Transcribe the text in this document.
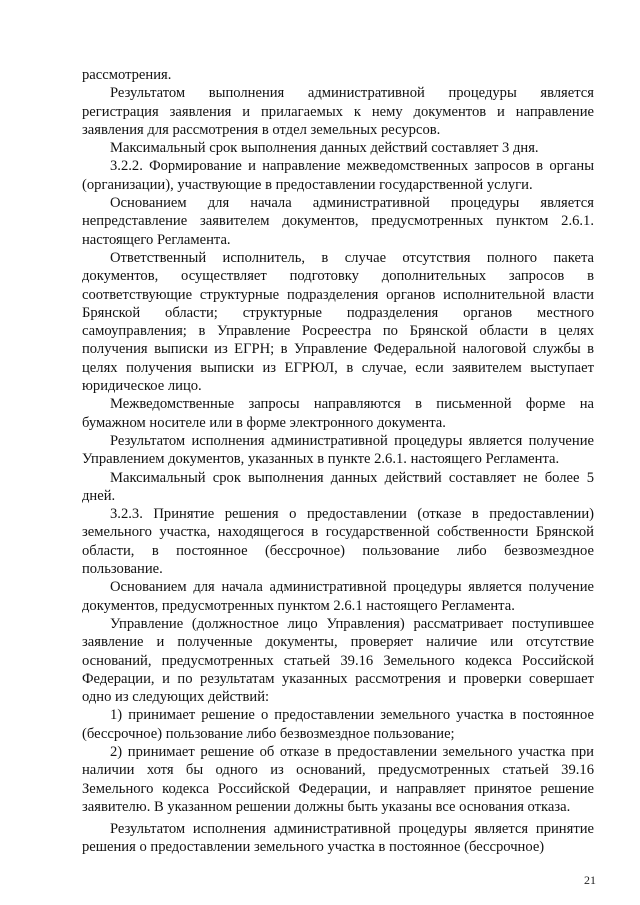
рассмотрения.

Результатом выполнения административной процедуры является регистрация заявления и прилагаемых к нему документов и направление заявления для рассмотрения в отдел земельных ресурсов.

Максимальный срок выполнения данных действий составляет 3 дня.

3.2.2. Формирование и направление межведомственных запросов в органы (организации), участвующие в предоставлении государственной услуги.

Основанием для начала административной процедуры является непредставление заявителем документов, предусмотренных пунктом 2.6.1. настоящего Регламента.

Ответственный исполнитель, в случае отсутствия полного пакета документов, осуществляет подготовку дополнительных запросов в соответствующие структурные подразделения органов исполнительной власти Брянской области; структурные подразделения органов местного самоуправления; в Управление Росреестра по Брянской области в целях получения выписки из ЕГРН; в Управление Федеральной налоговой службы в целях получения выписки из ЕГРЮЛ, в случае, если заявителем выступает юридическое лицо.

Межведомственные запросы направляются в письменной форме на бумажном носителе или в форме электронного документа.

Результатом исполнения административной процедуры является получение Управлением документов, указанных в пункте 2.6.1. настоящего Регламента.

Максимальный срок выполнения данных действий составляет не более 5 дней.

3.2.3. Принятие решения о предоставлении (отказе в предоставлении) земельного участка, находящегося в государственной собственности Брянской области, в постоянное (бессрочное) пользование либо безвозмездное пользование.

Основанием для начала административной процедуры является получение документов, предусмотренных пунктом 2.6.1 настоящего Регламента.

Управление (должностное лицо Управления) рассматривает поступившее заявление и полученные документы, проверяет наличие или отсутствие оснований, предусмотренных статьей 39.16 Земельного кодекса Российской Федерации, и по результатам указанных рассмотрения и проверки совершает одно из следующих действий:

1) принимает решение о предоставлении земельного участка в постоянное (бессрочное) пользование либо безвозмездное пользование;

2) принимает решение об отказе в предоставлении земельного участка при наличии хотя бы одного из оснований, предусмотренных статьей 39.16 Земельного кодекса Российской Федерации, и направляет принятое решение заявителю. В указанном решении должны быть указаны все основания отказа.

Результатом исполнения административной процедуры является принятие решения о предоставлении земельного участка в постоянное (бессрочное)

21
